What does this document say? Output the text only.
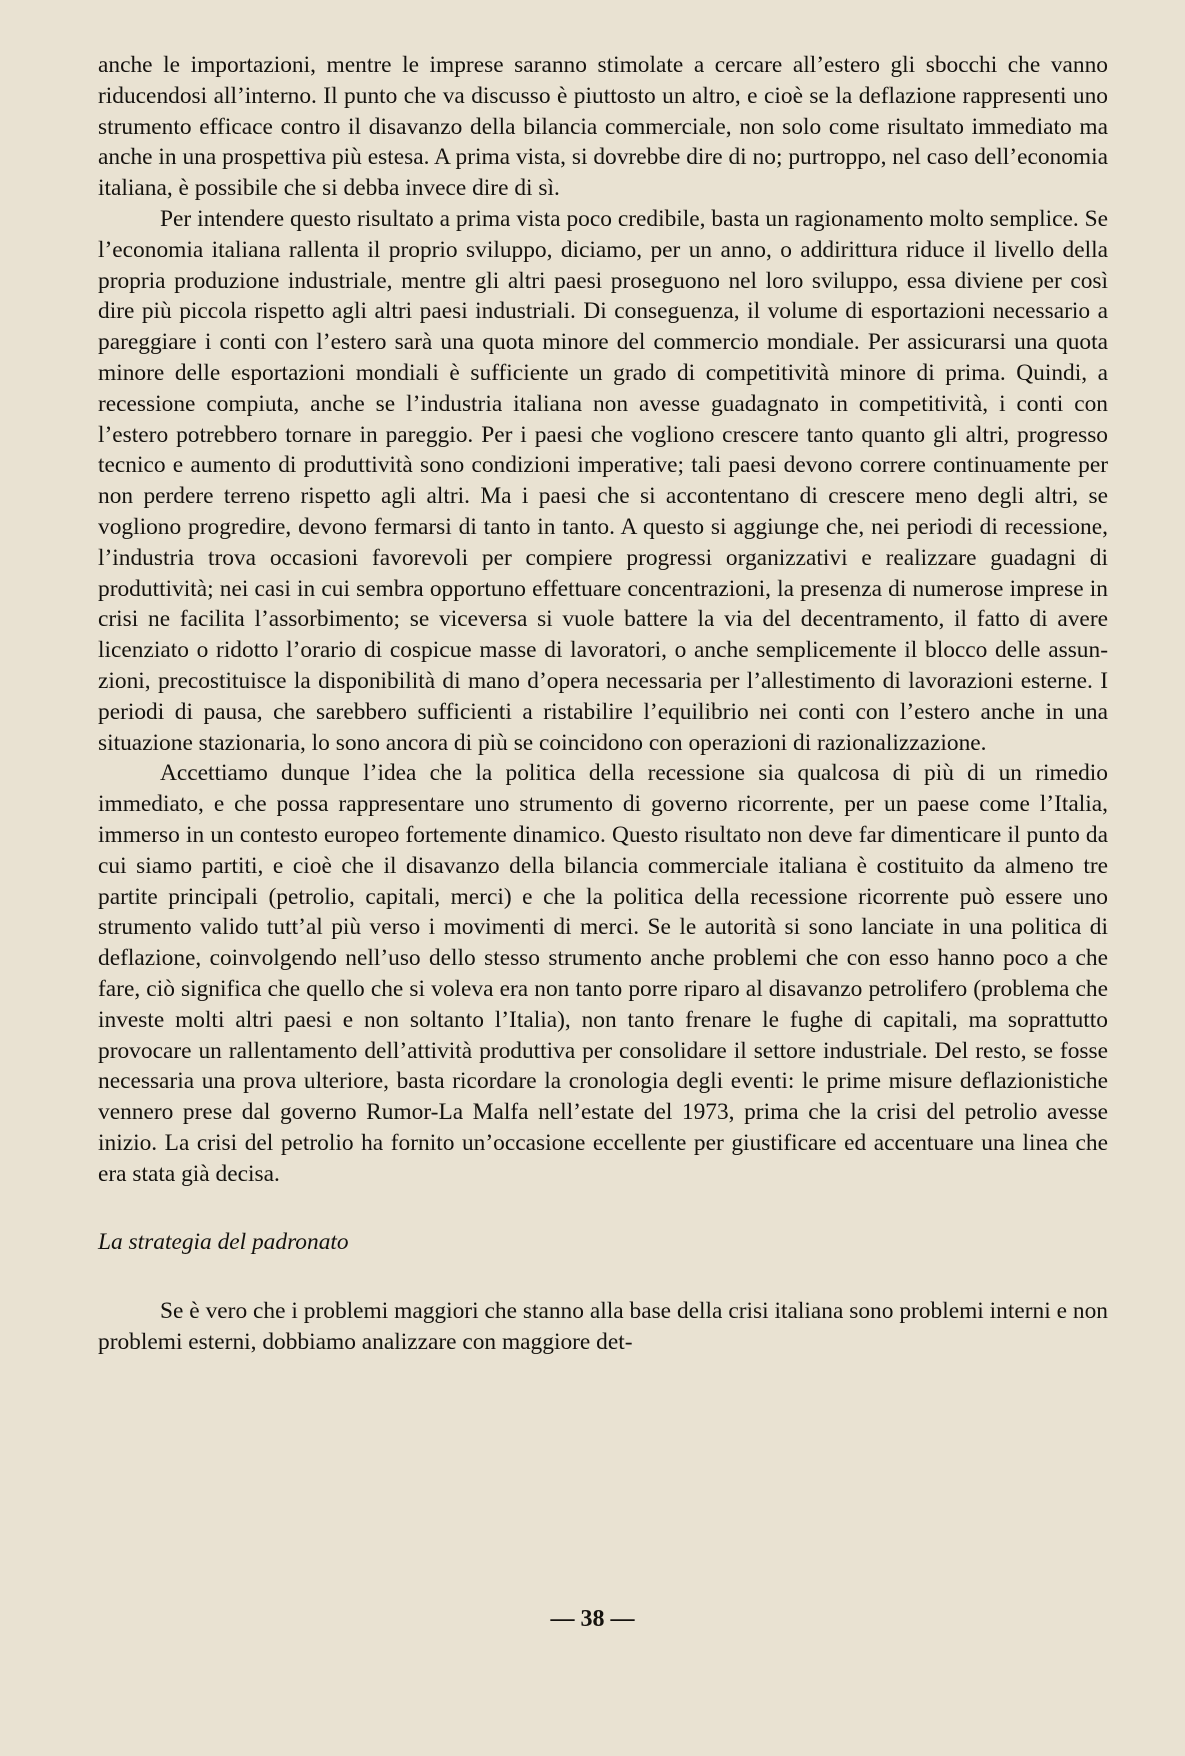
anche le importazioni, mentre le imprese saranno stimolate a cercare all’estero gli sbocchi che vanno riducendosi all’interno. Il punto che va discusso è piuttosto un altro, e cioè se la deflazione rappresenti uno strumento efficace contro il disavanzo della bilancia commerciale, non solo come risultato immediato ma anche in una prospettiva più estesa. A prima vista, si dovrebbe dire di no; purtroppo, nel caso dell’economia italiana, è possibile che si debba invece dire di sì.

Per intendere questo risultato a prima vista poco credibile, basta un ragionamento molto semplice. Se l’economia italiana rallenta il proprio sviluppo, diciamo, per un anno, o addirittura riduce il livello della propria produzione industriale, mentre gli altri paesi proseguono nel loro sviluppo, essa diviene per così dire più piccola rispetto agli altri paesi industriali. Di conseguenza, il volume di esportazioni necessario a pareggiare i conti con l’estero sarà una quota minore del commercio mondiale. Per assicurarsi una quota minore delle esportazioni mondiali è sufficiente un grado di competitività minore di prima. Quindi, a recessione compiuta, anche se l’industria italiana non avesse guadagnato in competitività, i conti con l’estero potrebbero tornare in pareggio. Per i paesi che vogliono crescere tanto quanto gli altri, progresso tecnico e aumento di produttività sono condizioni imperative; tali paesi devono correre continuamente per non perdere terreno rispetto agli altri. Ma i paesi che si accontentano di crescere meno degli altri, se vogliono progredire, devono fermarsi di tanto in tanto. A questo si aggiunge che, nei periodi di recessione, l’industria trova occasioni favorevoli per compiere progressi organizzativi e realizzare guadagni di produttività; nei casi in cui sembra opportuno effettuare concentrazioni, la presenza di numerose imprese in crisi ne facilita l’assorbimento; se viceversa si vuole battere la via del decentramento, il fatto di avere licenziato o ridotto l’orario di cospicue masse di lavoratori, o anche semplicemente il blocco delle assunzioni, precostituisce la disponibilità di mano d’opera necessaria per l’allestimento di lavorazioni esterne. I periodi di pausa, che sarebbero sufficienti a ristabilire l’equilibrio nei conti con l’estero anche in una situazione stazionaria, lo sono ancora di più se coincidono con operazioni di razionalizzazione.

Accettiamo dunque l’idea che la politica della recessione sia qualcosa di più di un rimedio immediato, e che possa rappresentare uno strumento di governo ricorrente, per un paese come l’Italia, immerso in un contesto europeo fortemente dinamico. Questo risultato non deve far dimenticare il punto da cui siamo partiti, e cioè che il disavanzo della bilancia commerciale italiana è costituito da almeno tre partite principali (petrolio, capitali, merci) e che la politica della recessione ricorrente può essere uno strumento valido tutt’al più verso i movimenti di merci. Se le autorità si sono lanciate in una politica di deflazione, coinvolgendo nell’uso dello stesso strumento anche problemi che con esso hanno poco a che fare, ciò significa che quello che si voleva era non tanto porre riparo al disavanzo petrolifero (problema che investe molti altri paesi e non soltanto l’Italia), non tanto frenare le fughe di capitali, ma soprattutto provocare un rallentamento dell’attività produttiva per consolidare il settore industriale. Del resto, se fosse necessaria una prova ulteriore, basta ricordare la cronologia degli eventi: le prime misure deflazionistiche vennero prese dal governo Rumor-La Malfa nell’estate del 1973, prima che la crisi del petrolio avesse inizio. La crisi del petrolio ha fornito un’occasione eccellente per giustificare ed accentuare una linea che era stata già decisa.

La strategia del padronato

Se è vero che i problemi maggiori che stanno alla base della crisi italiana sono problemi interni e non problemi esterni, dobbiamo analizzare con maggiore det-

— 38 —
